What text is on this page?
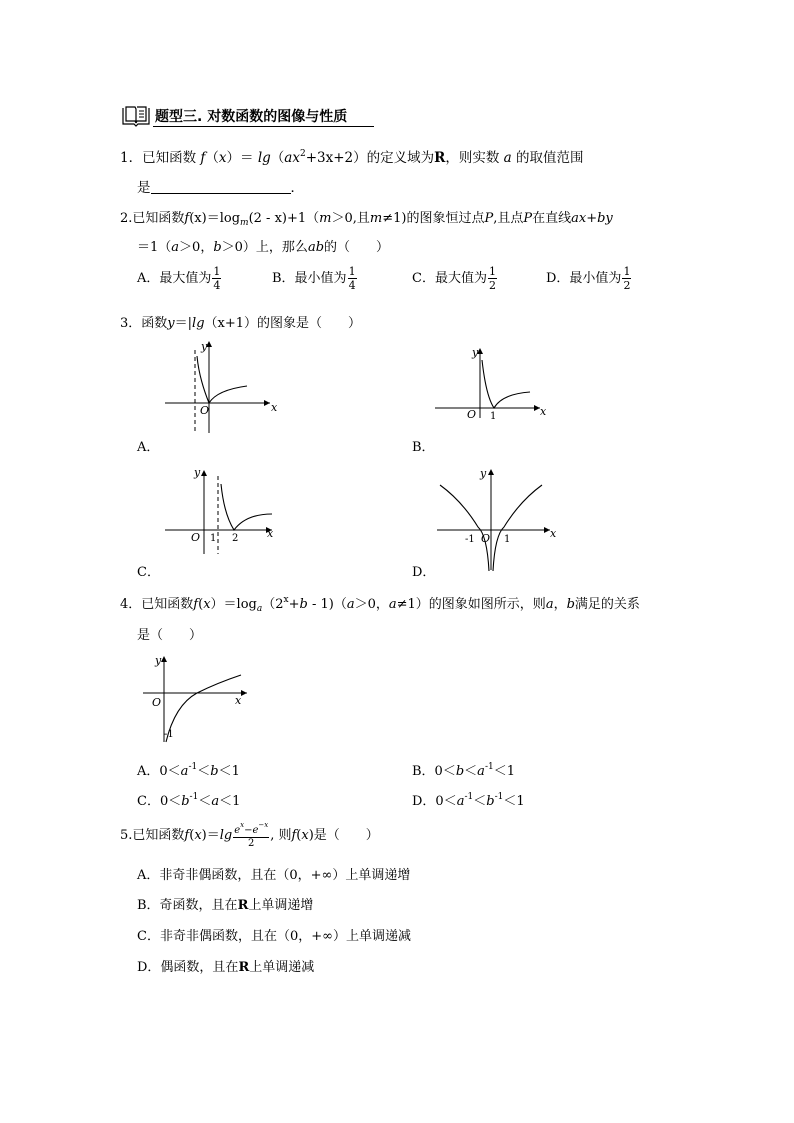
题型三. 对数函数的图像与性质
1．已知函数 $f(x)= \lg(ax^2+3x+2)$的定义域为R，则实数 a 的取值范围
是	．
2.已知函数$f(x)=\log_m(2 - x)+1(m>0$,且m≠1)的图象恒过点P,且点P在直线ax+by
＝1（a＞0，b＞0）上，那么ab的（　　）
A．最大值为 $\frac{1}{4}$	B．最小值为 $\frac{1}{4}$	C．最大值为 $\frac{1}{2}$	D．最小值为 $\frac{1}{2}$
3．函数y＝|lg（x+1）的图象是（　　）
y
x
O
A．
y
x
O 1
B．
y
x
O 1 2
C．
y
x
O
-1	1
D．
4．已知函数$f(x)=\log_a(2^x+b - 1)(a>0$，a≠1）的图象如图所示，则a，b满足的关系
是（　　）
y
x
O
-1
A．$0<a^{-1}<b<1$	B．$0<b<a^{-1}<1$
C．$0<b^{-1}<a<1$	D．$0<a^{-1}<b^{-1}<1$
5.已知函数$f(x)=\lg \frac{e^x-e^{-x}}{2}$ , 则f(x)是（　　）
A．非奇非偶函数，且在（0，+∞）上单调递增
B．奇函数，且在R上单调递增
C．非奇非偶函数，且在（0，+∞）上单调递减
D．偶函数，且在R上单调递减
